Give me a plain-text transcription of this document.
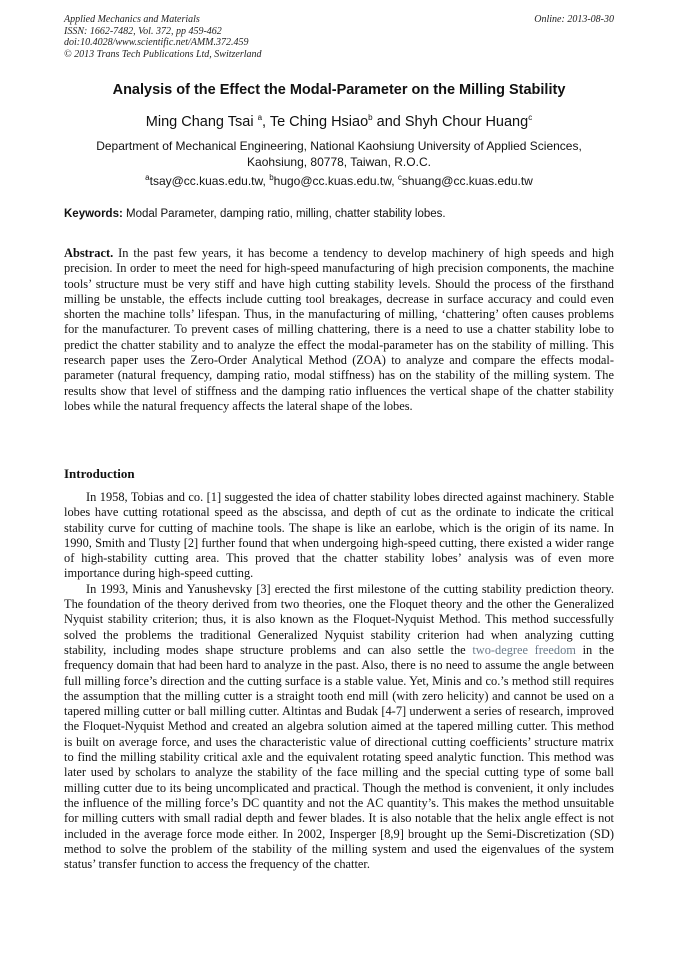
Applied Mechanics and Materials
ISSN: 1662-7482, Vol. 372, pp 459-462
doi:10.4028/www.scientific.net/AMM.372.459
© 2013 Trans Tech Publications Ltd, Switzerland
Online: 2013-08-30
Analysis of the Effect the Modal-Parameter on the Milling Stability
Ming Chang Tsai $^a$, Te Ching Hsiao$^b$ and Shyh Chour Huang$^c$
Department of Mechanical Engineering, National Kaohsiung University of Applied Sciences,
Kaohsiung, 80778, Taiwan, R.O.C.
$^a$tsay@cc.kuas.edu.tw, $^b$hugo@cc.kuas.edu.tw, $^c$shuang@cc.kuas.edu.tw
Keywords: Modal Parameter, damping ratio, milling, chatter stability lobes.

Abstract. In the past few years, it has become a tendency to develop machinery of high speeds and high precision. In order to meet the need for high-speed manufacturing of high precision components, the machine tools’ structure must be very stiff and have high cutting stability levels. Should the process of the firsthand milling be unstable, the effects include cutting tool breakages, decrease in surface accuracy and could even shorten the machine tolls’ lifespan. Thus, in the manufacturing of milling, ‘chattering’ often causes problems for the manufacturer. To prevent cases of milling chattering, there is a need to use a chatter stability lobe to predict the chatter stability and to analyze the effect the modal-parameter has on the stability of milling. This research paper uses the Zero-Order Analytical Method (ZOA) to analyze and compare the effects modal-parameter (natural frequency, damping ratio, modal stiffness) has on the stability of the milling system. The results show that level of stiffness and the damping ratio influences the vertical shape of the chatter stability lobes while the natural frequency affects the lateral shape of the lobes.

Introduction

In 1958, Tobias and co. [1] suggested the idea of chatter stability lobes directed against machinery. Stable lobes have cutting rotational speed as the abscissa, and depth of cut as the ordinate to indicate the critical stability curve for cutting of machine tools. The shape is like an earlobe, which is the origin of its name. In 1990, Smith and Tlusty [2] further found that when undergoing high-speed cutting, there existed a wider range of high-stability cutting area. This proved that the chatter stability lobes’ analysis was of even more importance during high-speed cutting.

In 1993, Minis and Yanushevsky [3] erected the first milestone of the cutting stability prediction theory. The foundation of the theory derived from two theories, one the Floquet theory and the other the Generalized Nyquist stability criterion; thus, it is also known as the Floquet-Nyquist Method. This method successfully solved the problems the traditional Generalized Nyquist stability criterion had when analyzing cutting stability, including modes shape structure problems and can also settle the two-degree freedom in the frequency domain that had been hard to analyze in the past. Also, there is no need to assume the angle between full milling force’s direction and the cutting surface is a stable value. Yet, Minis and co.’s method still requires the assumption that the milling cutter is a straight tooth end mill (with zero helicity) and cannot be used on a tapered milling cutter or ball milling cutter. Altintas and Budak [4-7] underwent a series of research, improved the Floquet-Nyquist Method and created an algebra solution aimed at the tapered milling cutter. This method is built on average force, and uses the characteristic value of directional cutting coefficients’ structure matrix to find the milling stability critical axle and the equivalent rotating speed analytic function. This method was later used by scholars to analyze the stability of the face milling and the special cutting type of some ball milling cutter due to its being uncomplicated and practical. Though the method is convenient, it only includes the influence of the milling force’s DC quantity and not the AC quantity’s. This makes the method unsuitable for milling cutters with small radial depth and fewer blades. It is also notable that the helix angle effect is not included in the average force mode either. In 2002, Insperger [8,9] brought up the Semi-Discretization (SD) method to solve the problem of the stability of the milling system and used the eigenvalues of the system status’ transfer function to access the frequency of the chatter.
